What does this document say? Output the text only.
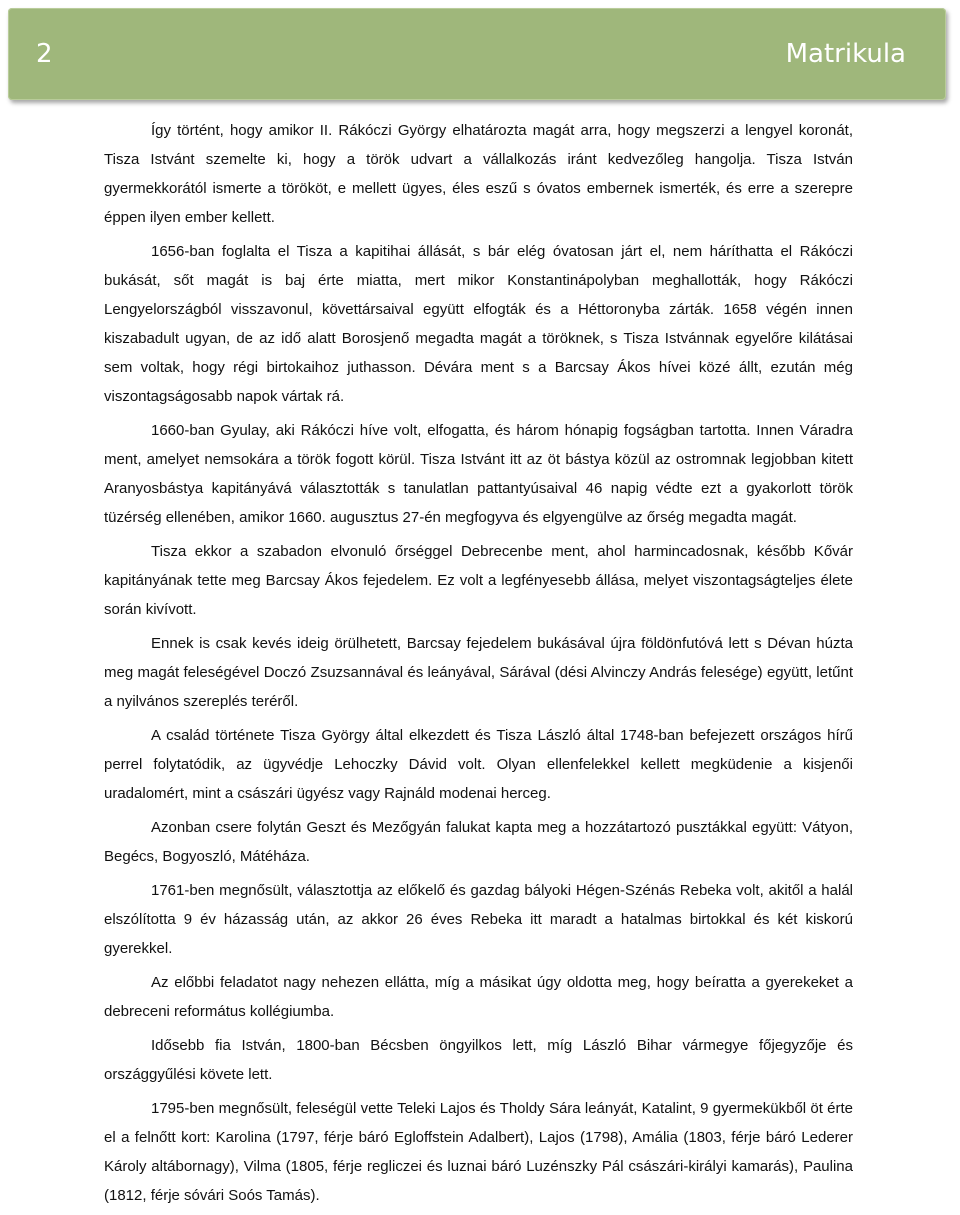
2	Matrikula

Így történt, hogy amikor II. Rákóczi György elhatározta magát arra, hogy megszerzi a lengyel koronát, Tisza Istvánt szemelte ki, hogy a török udvart a vállalkozás iránt kedvezőleg hangolja. Tisza István gyermekkorától ismerte a törököt, e mellett ügyes, éles eszű s óvatos embernek ismerték, és erre a szerepre éppen ilyen ember kellett.

1656-ban foglalta el Tisza a kapitihai állását, s bár elég óvatosan járt el, nem háríthatta el Rákóczi bukását, sőt magát is baj érte miatta, mert mikor Konstantinápolyban meghallották, hogy Rákóczi Lengyelországból visszavonul, követtársaival együtt elfogták és a Héttoronyba zárták. 1658 végén innen kiszabadult ugyan, de az idő alatt Borosjenő megadta magát a töröknek, s Tisza Istvánnak egyelőre kilátásai sem voltak, hogy régi birtokaihoz juthasson. Dévára ment s a Barcsay Ákos hívei közé állt, ezután még viszontagságosabb napok vártak rá.

1660-ban Gyulay, aki Rákóczi híve volt, elfogatta, és három hónapig fogságban tartotta. Innen Váradra ment, amelyet nemsokára a török fogott körül. Tisza Istvánt itt az öt bástya közül az ostromnak legjobban kitett Aranyosbástya kapitányává választották s tanulatlan pattantyúsaival 46 napig védte ezt a gyakorlott török tüzérség ellenében, amikor 1660. augusztus 27-én megfogyva és elgyengülve az őrség megadta magát.

Tisza ekkor a szabadon elvonuló őrséggel Debrecenbe ment, ahol harmincadosnak, később Kővár kapitányának tette meg Barcsay Ákos fejedelem. Ez volt a legfényesebb állása, melyet viszontagságteljes élete során kivívott.

Ennek is csak kevés ideig örülhetett, Barcsay fejedelem bukásával újra földönfutóvá lett s Dévan húzta meg magát feleségével Doczó Zsuzsannával és leányával, Sárával (dési Alvinczy András felesége) együtt, letűnt a nyilvános szereplés teréről.

A család története Tisza György által elkezdett és Tisza László által 1748-ban befejezett országos hírű perrel folytatódik, az ügyvédje Lehoczky Dávid volt. Olyan ellenfelekkel kellett megküdenie a kisjenői uradalomért, mint a császári ügyész vagy Rajnáld modenai herceg.

Azonban csere folytán Geszt és Mezőgyán falukat kapta meg a hozzátartozó pusztákkal együtt: Vátyon, Begécs, Bogyoszló, Mátéháza.

1761-ben megnősült, választottja az előkelő és gazdag bályoki Hégen-Szénás Rebeka volt, akitől a halál elszólította 9 év házasság után, az akkor 26 éves Rebeka itt maradt a hatalmas birtokkal és két kiskorú gyerekkel.

Az előbbi feladatot nagy nehezen ellátta, míg a másikat úgy oldotta meg, hogy beíratta a gyerekeket a debreceni református kollégiumba.

Idősebb fia István, 1800-ban Bécsben öngyilkos lett, míg László Bihar vármegye főjegyzője és országgyűlési követe lett.

1795-ben megnősült, feleségül vette Teleki Lajos és Tholdy Sára leányát, Katalint, 9 gyermekükből öt érte el a felnőtt kort: Karolina (1797, férje báró Egloffstein Adalbert), Lajos (1798), Amália (1803, férje báró Lederer Károly altábornagy), Vilma (1805, férje regliczei és luznai báró Luzénszky Pál császári-királyi kamarás), Paulina (1812, férje sóvári Soós Tamás).
